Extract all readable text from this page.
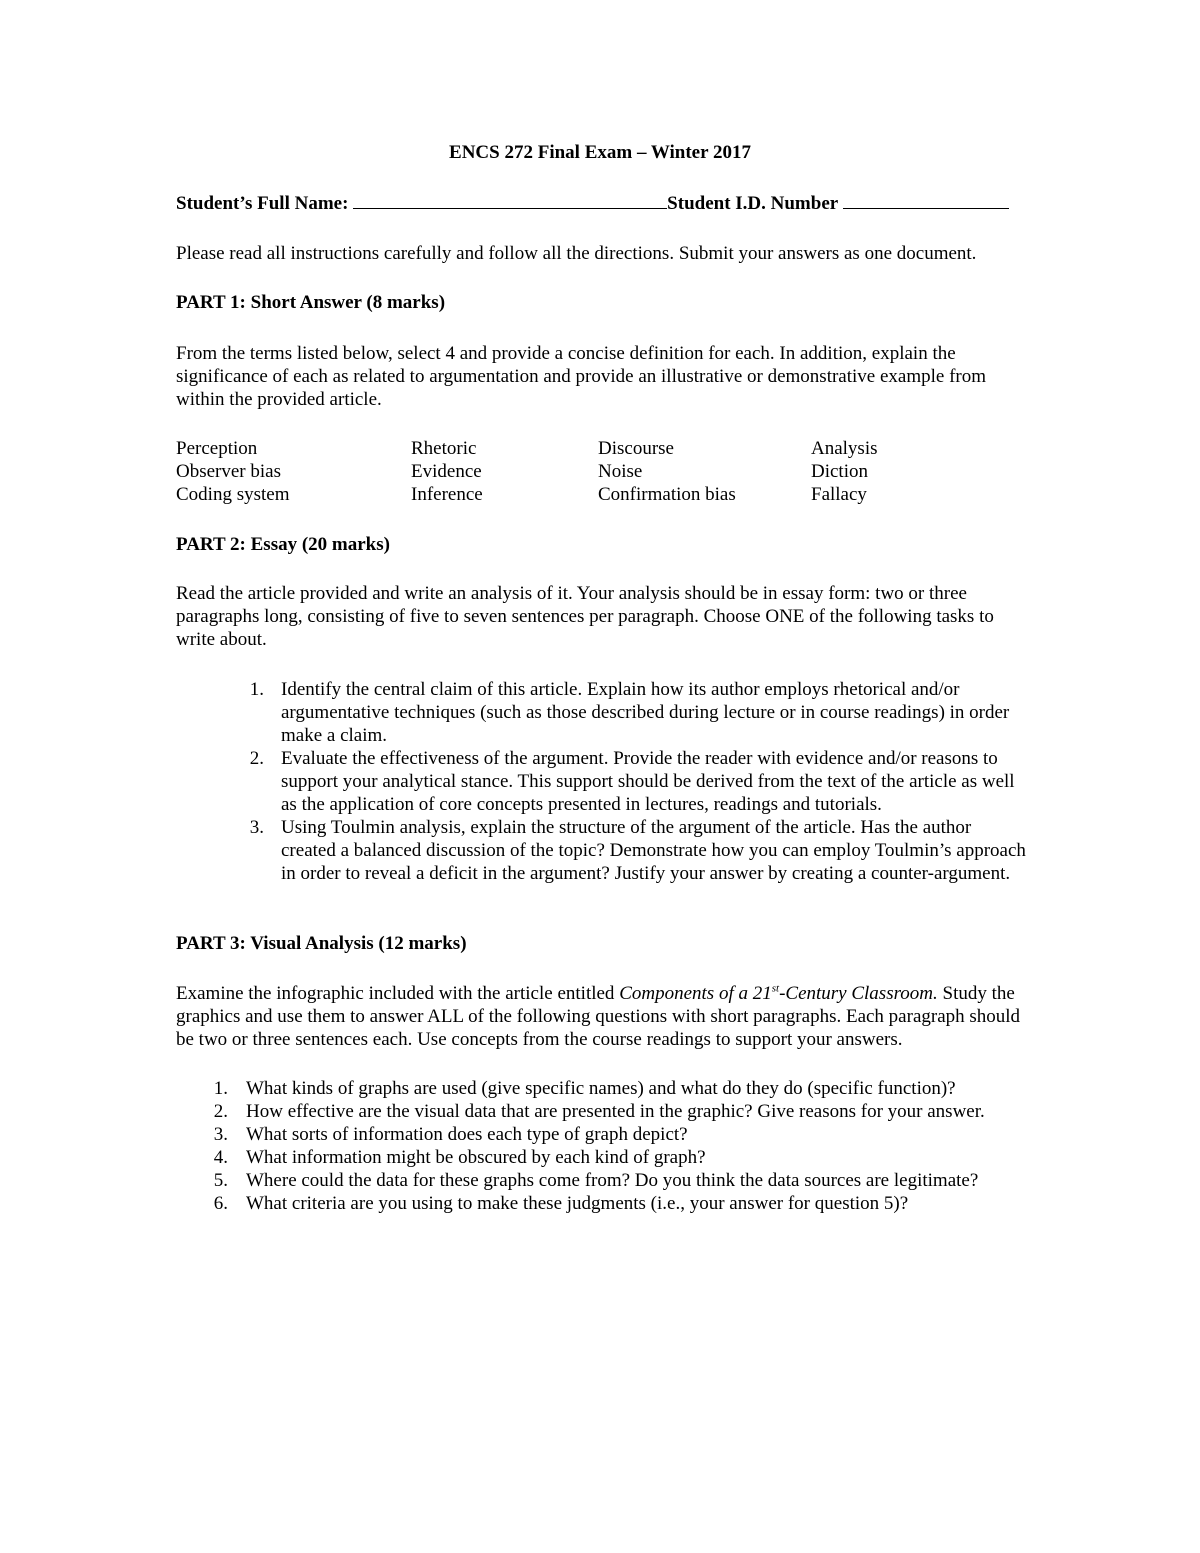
ENCS 272 Final Exam – Winter 2017
Student’s Full Name:	Student I.D. Number
Please read all instructions carefully and follow all the directions. Submit your answers as one document.
PART 1: Short Answer (8 marks)
From the terms listed below, select 4 and provide a concise definition for each. In addition, explain the significance of each as related to argumentation and provide an illustrative or demonstrative example from within the provided article.
Perception	Rhetoric	Discourse	Analysis
Observer bias	Evidence	Noise	Diction
Coding system	Inference	Confirmation bias	Fallacy
PART 2: Essay (20 marks)
Read the article provided and write an analysis of it. Your analysis should be in essay form: two or three paragraphs long, consisting of five to seven sentences per paragraph. Choose ONE of the following tasks to write about.
1. Identify the central claim of this article. Explain how its author employs rhetorical and/or argumentative techniques (such as those described during lecture or in course readings) in order make a claim.
2. Evaluate the effectiveness of the argument. Provide the reader with evidence and/or reasons to support your analytical stance. This support should be derived from the text of the article as well as the application of core concepts presented in lectures, readings and tutorials.
3. Using Toulmin analysis, explain the structure of the argument of the article. Has the author created a balanced discussion of the topic? Demonstrate how you can employ Toulmin’s approach in order to reveal a deficit in the argument? Justify your answer by creating a counter-argument.
PART 3: Visual Analysis (12 marks)
Examine the infographic included with the article entitled Components of a 21st-Century Classroom. Study the graphics and use them to answer ALL of the following questions with short paragraphs. Each paragraph should be two or three sentences each. Use concepts from the course readings to support your answers.
1. What kinds of graphs are used (give specific names) and what do they do (specific function)?
2. How effective are the visual data that are presented in the graphic? Give reasons for your answer.
3. What sorts of information does each type of graph depict?
4. What information might be obscured by each kind of graph?
5. Where could the data for these graphs come from? Do you think the data sources are legitimate?
6. What criteria are you using to make these judgments (i.e., your answer for question 5)?
